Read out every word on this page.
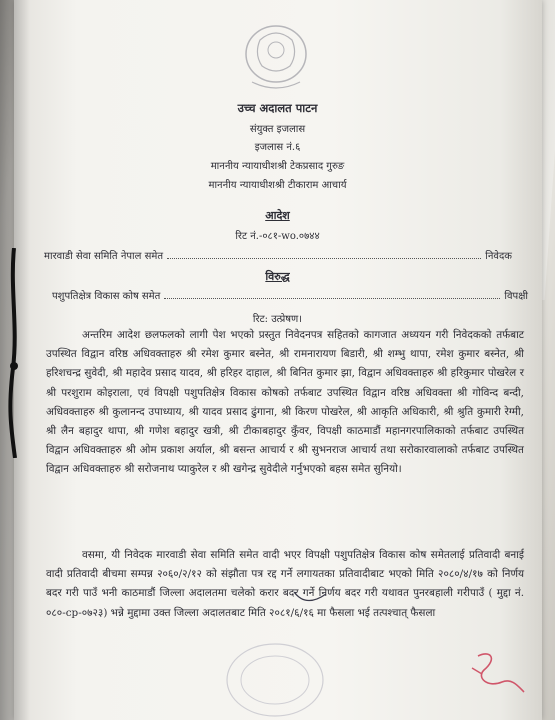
उच्च अदालत पाटन
संयुक्त इजलास
इजलास नं.६
माननीय न्यायाधीशश्री टेकप्रसाद गुरुङ
माननीय न्यायाधीशश्री टीकाराम आचार्य
आदेश
रिट नं.-०८१-wo.०७४४
मारवाडी सेवा समिति नेपाल समेत	निवेदक
विरुद्ध
पशुपतिक्षेत्र विकास कोष समेत	विपक्षी
रिट: उत्प्रेषण।
अन्तरिम आदेश छलफलको लागी पेश भएको प्रस्तुत निवेदनपत्र सहितको कागजात अध्ययन गरी निवेदकको तर्फबाट उपस्थित विद्वान वरिष्ठ अधिवक्ताहरु श्री रमेश कुमार बस्नेत, श्री रामनारायण बिडारी, श्री शम्भु थापा, रमेश कुमार बस्नेत, श्री हरिशचन्द्र सुवेदी, श्री महादेव प्रसाद यादव, श्री हरिहर दाहाल, श्री बिनित कुमार झा, विद्वान अधिवक्ताहरु श्री हरिकुमार पोखरेल र श्री परशुराम कोइराला, एवं विपक्षी पशुपतिक्षेत्र विकास कोषको तर्फबाट उपस्थित विद्वान वरिष्ठ अधिवक्ता श्री गोविन्द बन्दी, अधिवक्ताहरु श्री कुलानन्द उपाध्याय, श्री यादव प्रसाद ढुंगाना, श्री किरण पोखरेल, श्री आकृति अधिकारी, श्री श्रुति कुमारी रेग्मी, श्री लैन बहादुर थापा, श्री गणेश बहादुर खत्री, श्री टीकाबहादुर कुँवर, विपक्षी काठमाडौं महानगरपालिकाको तर्फबाट उपस्थित विद्वान अधिवक्ताहरु श्री ओम प्रकाश अर्याल, श्री बसन्त आचार्य र श्री सुभनराज आचार्य तथा सरोकारवालाको तर्फबाट उपस्थित विद्वान अधिवक्ताहरु श्री सरोजनाथ प्याकुरेल र श्री खगेन्द्र सुवेदीले गर्नुभएको बहस समेत सुनियो।
वसमा, यी निवेदक मारवाडी सेवा समिति समेत वादी भएर विपक्षी पशुपतिक्षेत्र विकास कोष समेतलाई प्रतिवादी बनाई वादी प्रतिवादी बीचमा सम्पन्न २०६०/२/१२ को संझौता पत्र रद्द गर्ने लगायतका प्रतिवादीबाट भएको मिति २०८०/४/१७ को निर्णय बदर गरी पाउँ भनी काठमाडौं जिल्ला अदालतमा चलेको करार बदर गर्ने निर्णय बदर गरी यथावत पुनरबहाली गरीपाउँ ( मुद्दा नं. ०८०-cp-०७२३) भन्ने मुद्दामा उक्त जिल्ला अदालतबाट मिति २०८१/६/१६ मा फैसला भई तत्पश्चात् फैसला
